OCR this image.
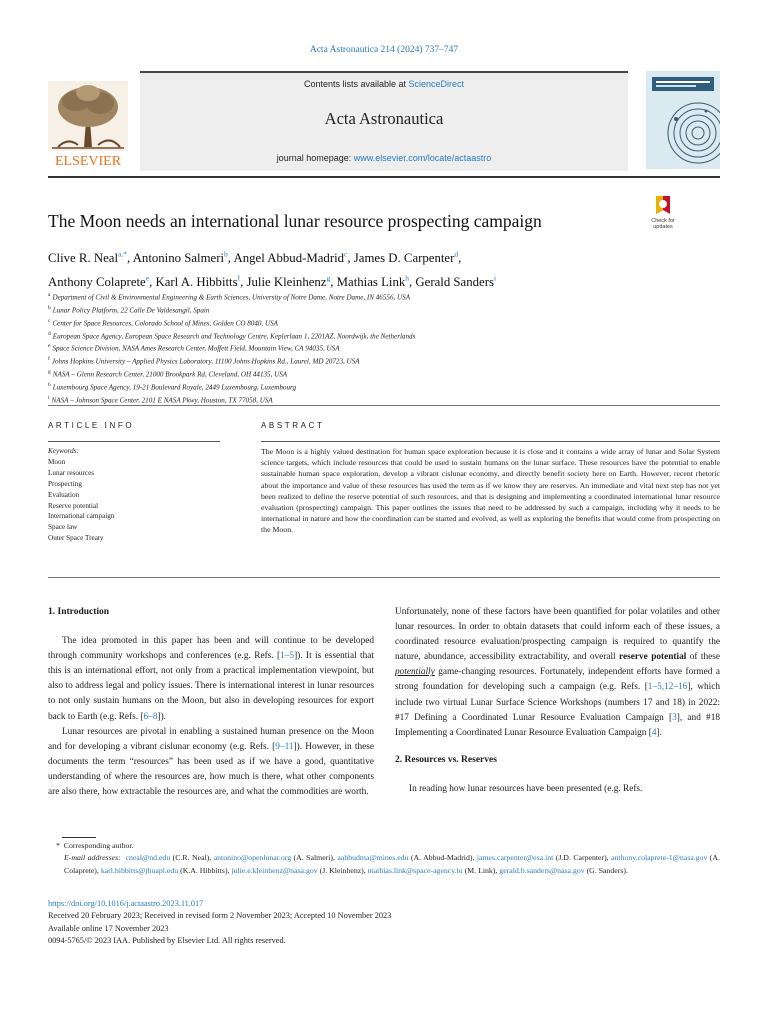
Acta Astronautica 214 (2024) 737–747
ELSEVIER
Contents lists available at ScienceDirect
Acta Astronautica
journal homepage: www.elsevier.com/locate/actaastro
The Moon needs an international lunar resource prospecting campaign	Check for
updates
Clive R. Neal$^{a,*}$, Antonino Salmeri$^b$, Angel Abbud-Madrid$^c$, James D. Carpenter$^d$,
Anthony Colaprete$^e$, Karl A. Hibbitts$^f$, Julie Kleinhenz$^g$, Mathias Link$^h$, Gerald Sanders$^i$
$^a$ Department of Civil & Environmental Engineering & Earth Sciences, University of Notre Dame, Notre Dame, IN 46556, USA
$^b$ Lunar Policy Platform, 22 Calle De Valdesangil, Spain
$^c$ Center for Space Resources, Colorado School of Mines, Golden CO 8040, USA
$^d$ European Space Agency, European Space Research and Technology Centre, Keplerlaan 1, 2201AZ, Noordwijk, the Netherlands
$^e$ Space Science Division, NASA Ames Research Center, Moffett Field, Mountain View, CA 94035, USA
$^f$ Johns Hopkins University – Applied Physics Laboratory, 11100 Johns Hopkins Rd., Laurel, MD 20723, USA
$^g$ NASA – Glenn Research Center, 21000 Brookpark Rd, Cleveland, OH 44135, USA
$^h$ Luxembourg Space Agency, 19-21 Boulevard Royale, 2449 Luxembourg, Luxembourg
$^i$ NASA – Johnson Space Center, 2101 E NASA Pkwy, Houston, TX 77058, USA
ARTICLE INFO
Keywords:
Moon
Lunar resources
Prospecting
Evaluation
Reserve potential
International campaign
Space law
Outer Space Treaty
ABSTRACT
The Moon is a highly valued destination for human space exploration because it is close and it contains a wide array of lunar and Solar System science targets, which include resources that could be used to sustain humans on the lunar surface. These resources have the potential to enable sustainable human space exploration, develop a vibrant cislunar economy, and directly benefit society here on Earth. However, recent rhetoric about the importance and value of these resources has used the term as if we know they are reserves. An immediate and vital next step has not yet been realized to define the reserve potential of such resources, and that is designing and implementing a coordinated international lunar resource evaluation (prospecting) campaign. This paper outlines the issues that need to be addressed by such a campaign, including why it needs to be international in nature and how the coordination can be started and evolved, as well as exploring the benefits that would come from prospecting on the Moon.
1. Introduction

The idea promoted in this paper has been and will continue to be developed through community workshops and conferences (e.g. Refs. [1–5]). It is essential that this is an international effort, not only from a practical implementation viewpoint, but also to address legal and policy issues. There is international interest in lunar resources to not only sustain humans on the Moon, but also in developing resources for export back to Earth (e.g. Refs. [6–8]).

Lunar resources are pivotal in enabling a sustained human presence on the Moon and for developing a vibrant cislunar economy (e.g. Refs. [9–11]). However, in these documents the term “resources” has been used as if we have a good, quantitative understanding of where the resources are, how much is there, what other components are also there, how extractable the resources are, and what the commodities are worth.

Unfortunately, none of these factors have been quantified for polar volatiles and other lunar resources. In order to obtain datasets that could inform each of these issues, a coordinated resource evaluation/prospecting campaign is required to quantify the nature, abundance, accessibility extractability, and overall reserve potential of these potentially game-changing resources. Fortunately, independent efforts have formed a strong foundation for developing such a campaign (e.g. Refs. [1–5,12–16], which include two virtual Lunar Surface Science Workshops (numbers 17 and 18) in 2022: #17 Defining a Coordinated Lunar Resource Evaluation Campaign [3], and #18 Implementing a Coordinated Lunar Resource Evaluation Campaign [4].

2. Resources vs. Reserves

In reading how lunar resources have been presented (e.g. Refs.

*  Corresponding author.

E-mail addresses: cneal@nd.edu (C.R. Neal), antonino@openlunar.org (A. Salmeri), aabbudma@mines.edu (A. Abbud-Madrid), james.carpenter@esa.int (J.D. Carpenter), anthony.colaprete-1@nasa.gov (A. Colaprete), karl.hibbitts@jhuapl.edu (K.A. Hibbitts), julie.e.kleinhenz@nasa.gov (J. Kleinhenz), mathias.link@space-agency.lu (M. Link), gerald.b.sanders@nasa.gov (G. Sanders).

https://doi.org/10.1016/j.actaastro.2023.11.017

Received 20 February 2023; Received in revised form 2 November 2023; Accepted 10 November 2023

Available online 17 November 2023

0094-5765/© 2023 IAA. Published by Elsevier Ltd. All rights reserved.
